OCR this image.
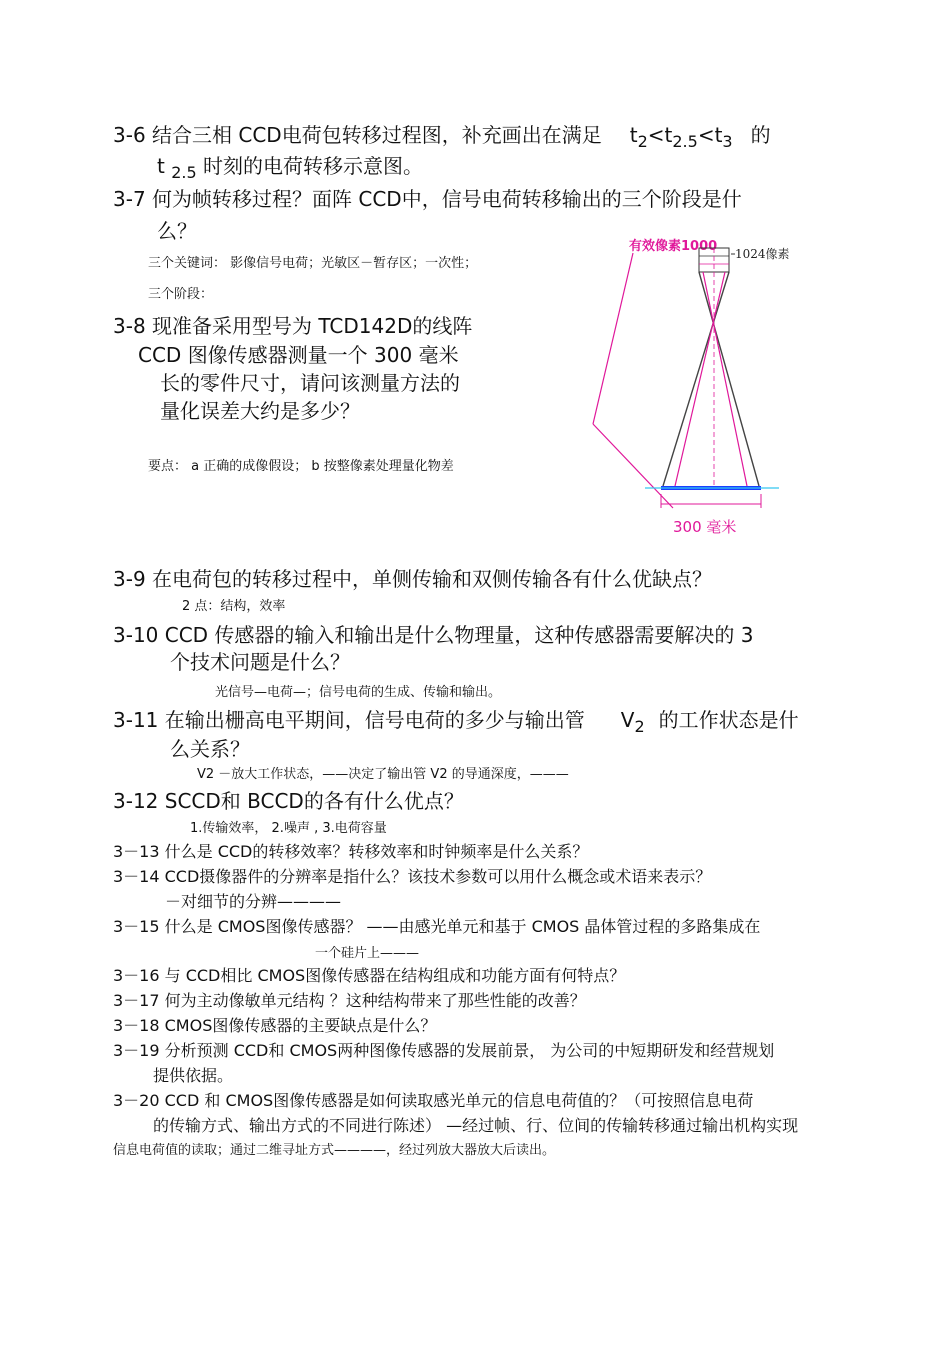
3-6 结合三相 CCD电荷包转移过程图，补充画出在满足 $t_2<t_{2.5}<t_3$ 的
t $_{2.5}$ 时刻的电荷转移示意图。
3-7 何为帧转移过程？面阵 CCD中，信号电荷转移输出的三个阶段是什
么？
三个关键词： 影像信号电荷；光敏区－暂存区；一次性；
三个阶段：
3-8 现准备采用型号为 TCD142D的线阵
CCD 图像传感器测量一个 300 毫米
长的零件尺寸，请问该测量方法的
量化误差大约是多少？
要点： a 正确的成像假设； b 按整像素处理量化物差
有效像素1000 1024像素
300 毫米
3-9 在电荷包的转移过程中，单侧传输和双侧传输各有什么优缺点？
2 点：结构，效率
3-10 CCD 传感器的输入和输出是什么物理量，这种传感器需要解决的 3
个技术问题是什么？
光信号—电荷—；信号电荷的生成、传输和输出。
3-11 在输出栅高电平期间，信号电荷的多少与输出管 $V_2$ 的工作状态是什
么关系？
V2 －放大工作状态，——决定了输出管 V2 的导通深度，———
3-12 SCCD和 BCCD的各有什么优点？
1.传输效率， 2.噪声 , 3.电荷容量
3－13 什么是 CCD的转移效率？转移效率和时钟频率是什么关系？
3－14 CCD摄像器件的分辨率是指什么？该技术参数可以用什么概念或术语来表示？
－对细节的分辨————
3－15 什么是 CMOS图像传感器？ ——由感光单元和基于 CMOS 晶体管过程的多路集成在
一个硅片上———
3－16 与 CCD相比 CMOS图像传感器在结构组成和功能方面有何特点？
3－17 何为主动像敏单元结构 ？这种结构带来了那些性能的改善？
3－18 CMOS图像传感器的主要缺点是什么？
3－19 分析预测 CCD和 CMOS两种图像传感器的发展前景， 为公司的中短期研发和经营规划
提供依据。
3－20 CCD 和 CMOS图像传感器是如何读取感光单元的信息电荷值的？（可按照信息电荷
的传输方式、输出方式的不同进行陈述） —经过帧、行、位间的传输转移通过输出机构实现
信息电荷值的读取；通过二维寻址方式————，经过列放大器放大后读出。
